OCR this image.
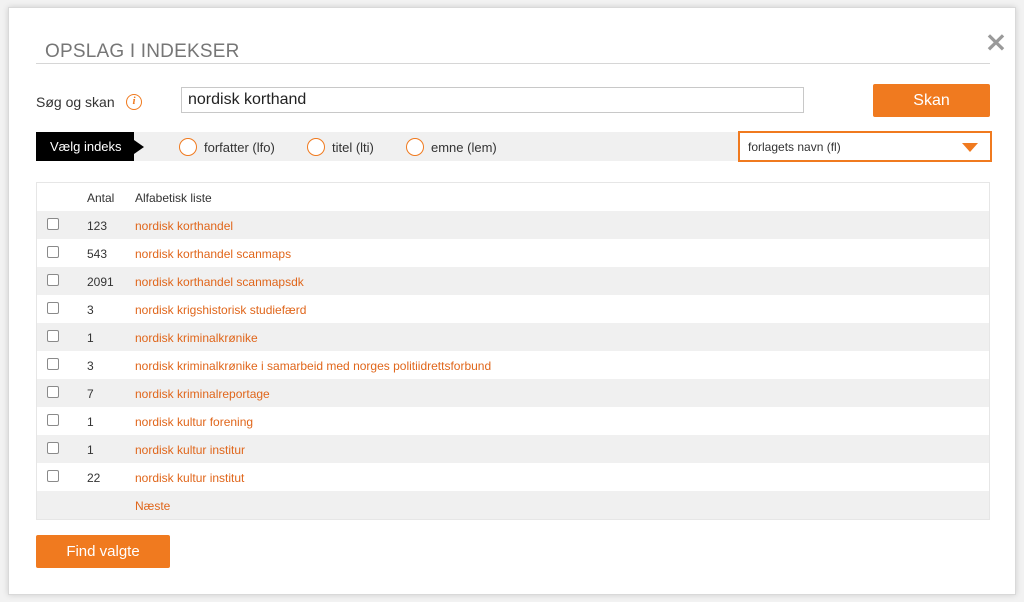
×
OPSLAG I INDEKSER
Søg og skan	i
nordisk korthand	Skan
Vælg indeks	forfatter (lfo)	titel (lti)	emne (lem)	forlagets navn (fl)
Antal Alfabetisk liste
123 nordisk korthandel
543 nordisk korthandel scanmaps
2091 nordisk korthandel scanmapsdk
3	nordisk krigshistorisk studiefærd
1	nordisk kriminalkrønike
3	nordisk kriminalkrønike i samarbeid med norges politiidrettsforbund
7	nordisk kriminalreportage
1	nordisk kultur forening
1	nordisk kultur institur
22	nordisk kultur institut
Næste
Find valgte
